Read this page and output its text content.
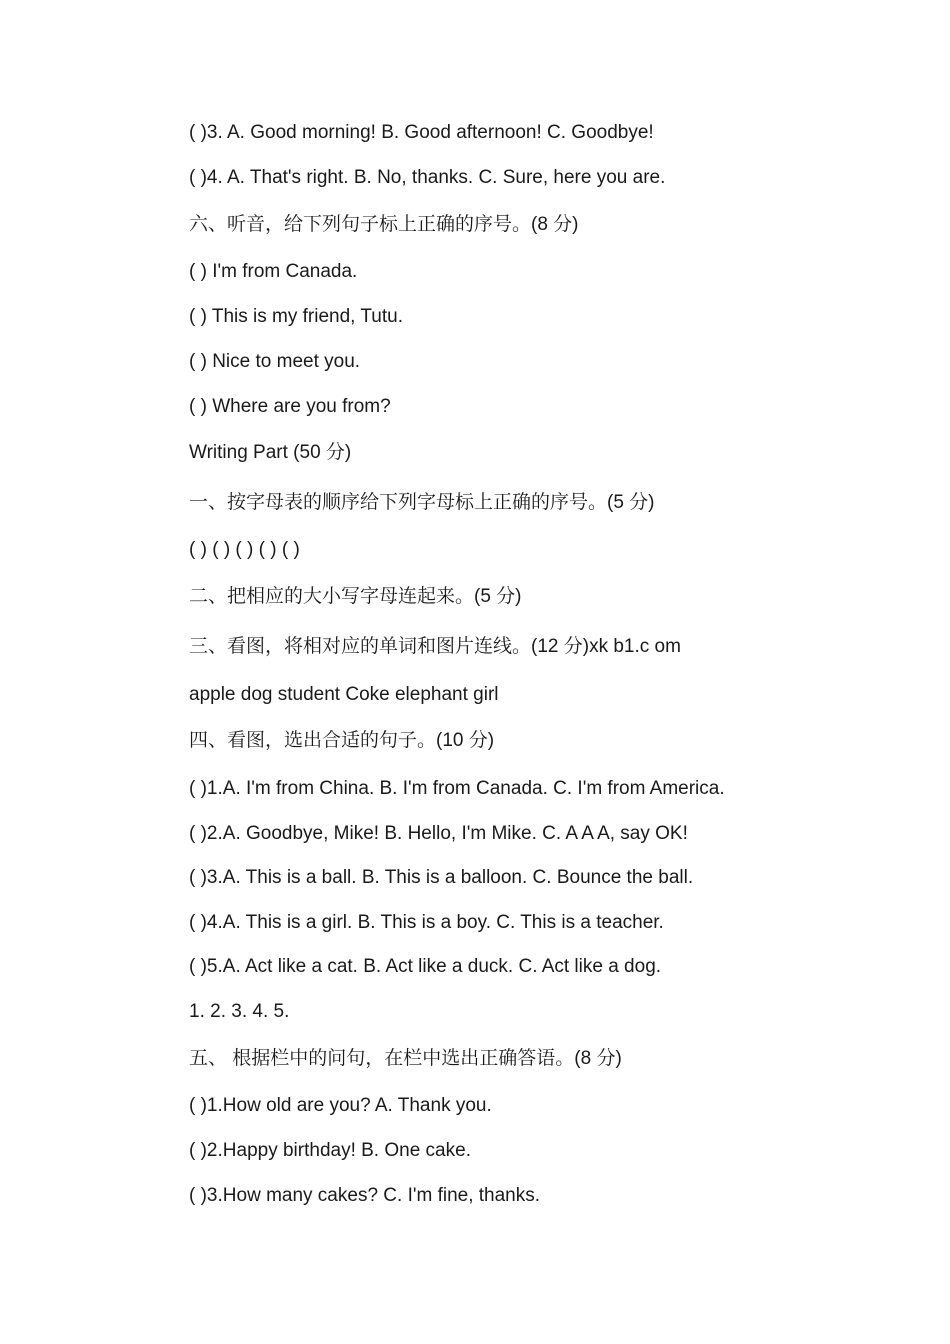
( )3. A. Good morning! B. Good afternoon! C. Goodbye!
( )4. A. That's right. B. No, thanks. C. Sure, here you are.
六、听音，给下列句子标上正确的序号。(8 分)
( ) I'm from Canada.
( ) This is my friend, Tutu.
( ) Nice to meet you.
( ) Where are you from?
Writing Part (50 分)
一、按字母表的顺序给下列字母标上正确的序号。(5 分)
( ) ( ) ( ) ( ) ( )
二、把相应的大小写字母连起来。(5 分)
三、看图，将相对应的单词和图片连线。(12 分)xk b1.c om
apple dog student Coke elephant girl
四、看图，选出合适的句子。(10 分)
( )1.A. I'm from China. B. I'm from Canada. C. I'm from America.
( )2.A. Goodbye, Mike! B. Hello, I'm Mike. C. A A A, say OK!
( )3.A. This is a ball. B. This is a balloon. C. Bounce the ball.
( )4.A. This is a girl. B. This is a boy. C. This is a teacher.
( )5.A. Act like a cat. B. Act like a duck. C. Act like a dog.
1. 2. 3. 4. 5.
五、 根据栏中的问句，在栏中选出正确答语。(8 分)
( )1.How old are you? A. Thank you.
( )2.Happy birthday! B. One cake.
( )3.How many cakes? C. I'm fine, thanks.
